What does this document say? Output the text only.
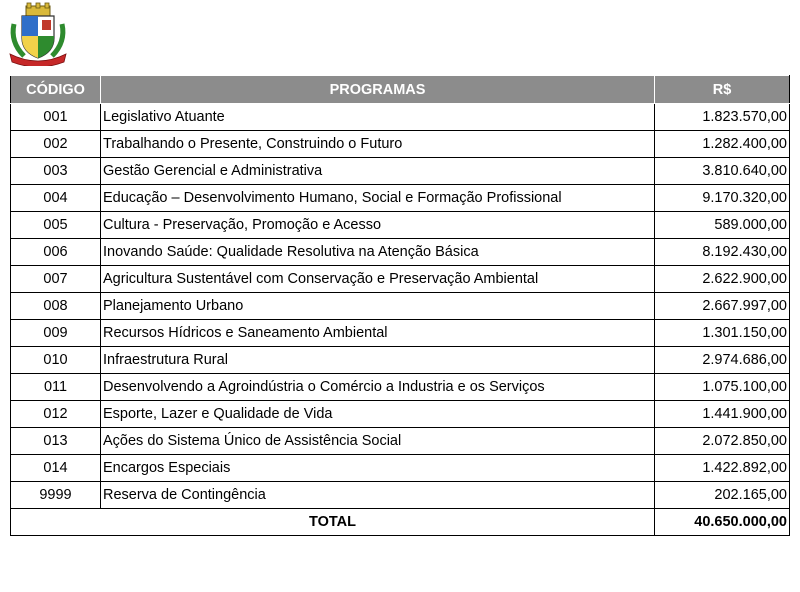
CÓDIGO	PROGRAMAS	R$
001	Legislativo Atuante	1.823.570,00
002	Trabalhando o Presente, Construindo o Futuro	1.282.400,00
003	Gestão Gerencial e Administrativa	3.810.640,00
004	Educação – Desenvolvimento Humano, Social e Formação Profissional	9.170.320,00
005	Cultura - Preservação, Promoção e Acesso	589.000,00
006	Inovando Saúde: Qualidade Resolutiva na Atenção Básica	8.192.430,00
007	Agricultura Sustentável com Conservação e Preservação Ambiental	2.622.900,00
008	Planejamento Urbano	2.667.997,00
009	Recursos Hídricos e Saneamento Ambiental	1.301.150,00
010	Infraestrutura Rural	2.974.686,00
011	Desenvolvendo a Agroindústria o Comércio a Industria e os Serviços	1.075.100,00
012	Esporte, Lazer e Qualidade de Vida	1.441.900,00
013	Ações do Sistema Único de Assistência Social	2.072.850,00
014	Encargos Especiais	1.422.892,00
9999	Reserva de Contingência	202.165,00
TOTAL		40.650.000,00
